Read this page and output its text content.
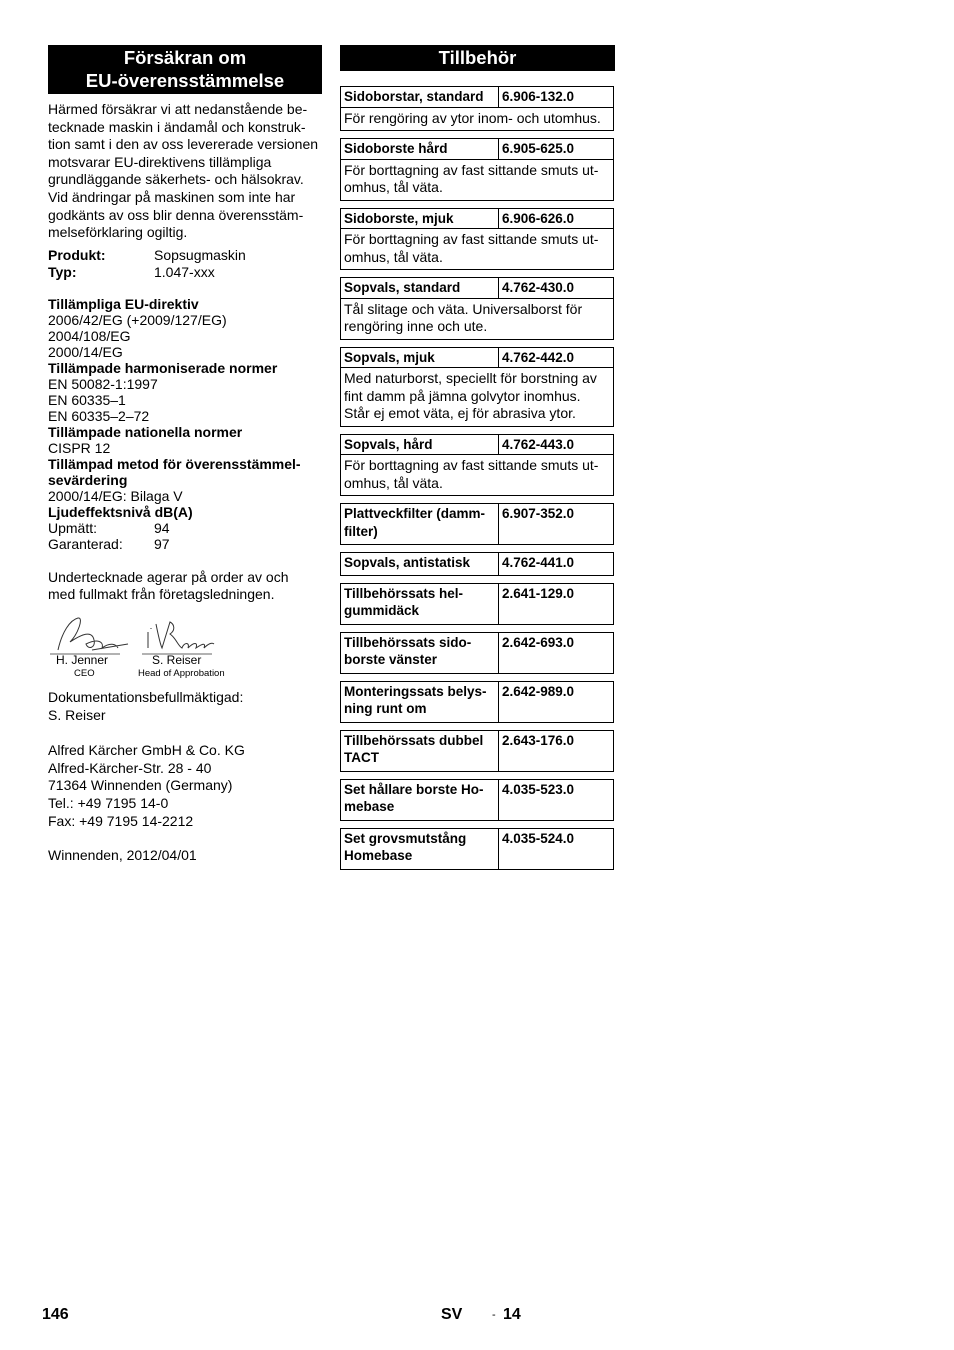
Försäkran om
EU-överensstämmelse
Härmed försäkrar vi att nedanstående be-
tecknade maskin i ändamål och konstruk-
tion samt i den av oss levererade versionen
motsvarar EU-direktivens tillämpliga
grundläggande säkerhets- och hälsokrav.
Vid ändringar på maskinen som inte har
godkänts av oss blir denna överensstäm-
melseförklaring ogiltig.
Produkt:	Sopsugmaskin
Typ:	1.047-xxx
Tillämpliga EU-direktiv
2006/42/EG (+2009/127/EG)
2004/108/EG
2000/14/EG
Tillämpade harmoniserade normer
EN 50082-1:1997
EN 60335–1
EN 60335–2–72
Tillämpade nationella normer
CISPR 12
Tillämpad metod för överensstämmel-
sevärdering
2000/14/EG: Bilaga V
Ljudeffektsnivå dB(A)
Upmätt:	94
Garanterad:	97
Undertecknade agerar på order av och
med fullmakt från företagsledningen.
H. Jenner
CEO
S. Reiser
Head of Approbation
Dokumentationsbefullmäktigad:
S. Reiser
Alfred Kärcher GmbH & Co. KG
Alfred-Kärcher-Str. 28 - 40
71364 Winnenden (Germany)
Tel.: +49 7195 14-0
Fax: +49 7195 14-2212
Winnenden, 2012/04/01
Tillbehör
Sidoborstar, standard	6.906-132.0
För rengöring av ytor inom- och utomhus.
Sidoborste hård	6.905-625.0
För borttagning av fast sittande smuts ut-
omhus, tål väta.
Sidoborste, mjuk	6.906-626.0
För borttagning av fast sittande smuts ut-
omhus, tål väta.
Sopvals, standard	4.762-430.0
Tål slitage och väta. Universalborst för
rengöring inne och ute.
Sopvals, mjuk	4.762-442.0
Med naturborst, speciellt för borstning av
fint damm på jämna golvytor inomhus.
Står ej emot väta, ej för abrasiva ytor.
Sopvals, hård	4.762-443.0
För borttagning av fast sittande smuts ut-
omhus, tål väta.
Plattveckfilter (damm-
filter)
6.907-352.0
Sopvals, antistatisk	4.762-441.0
Tillbehörssats hel-
gummidäck
2.641-129.0
Tillbehörssats sido-
borste vänster
2.642-693.0
Monteringssats belys-
ning runt om
2.642-989.0
Tillbehörssats dubbel
TACT
2.643-176.0
Set hållare borste Ho-
mebase
4.035-523.0
Set grovsmutstång
Homebase
4.035-524.0
146	SV	- 14
